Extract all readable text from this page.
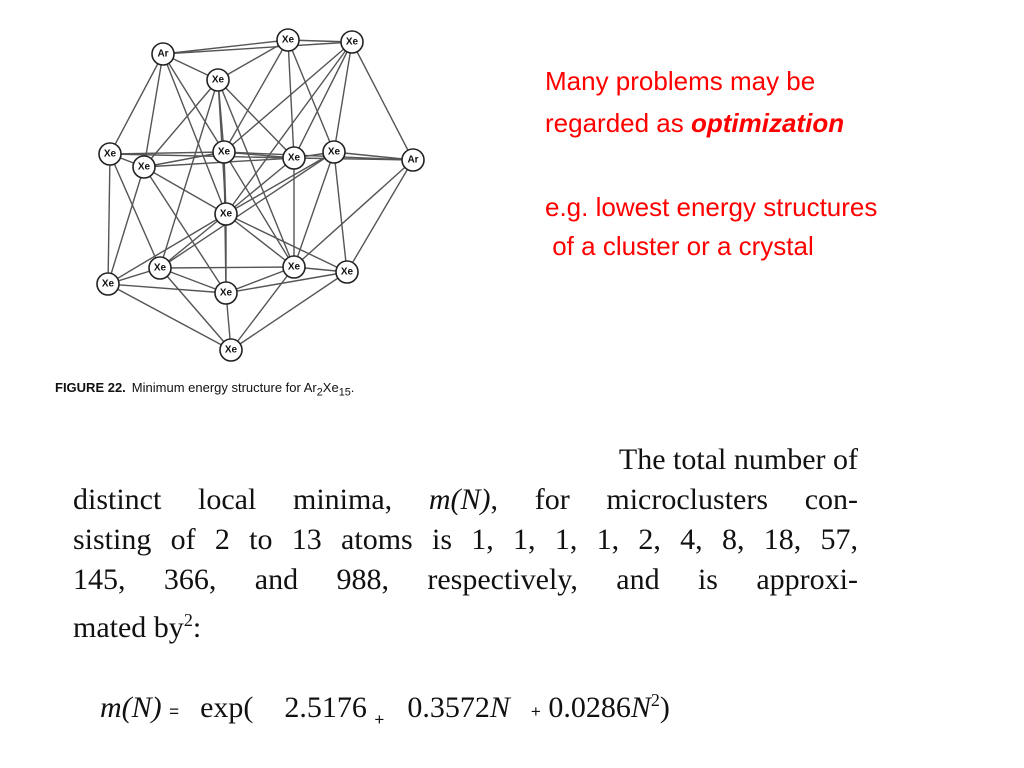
Ar
Xe	Xe
Xe
Xe
Xe
Xe
Xe	Ar
Xe
Xe
Xe
Xe	Xe	Xe
Xe
Xe
FIGURE 22. Minimum energy structure for $Ar_2Xe_{15}$.

Many problems may be

regarded as optimization

e.g. lowest energy structures

of a cluster or a crystal

The total number of
distinct local minima, m(N), for microclusters con-
sisting of 2 to 13 atoms is 1, 1, 1, 1, 2, 4, 8, 18, 57,
145, 366, and 988, respectively, and is approxi-
mated $by^2$:
m(N) = exp( 2.5176 $_+$ $0.3572N + 0.0286N^2$)
